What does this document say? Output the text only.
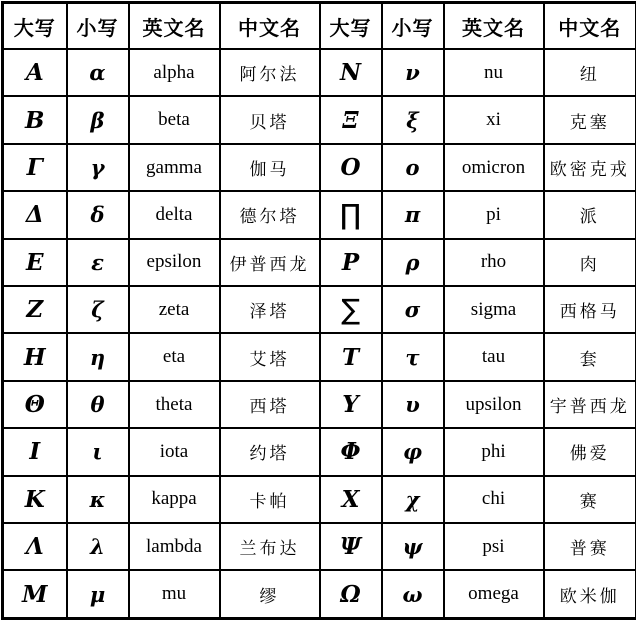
大写	小写	英文名	中文名	大写	小写	英文名	中文名
Α	α	alpha	阿尔法	Ν	ν	nu	纽
Β	β	beta	贝塔	Ξ	ξ	xi	克塞
Γ	γ	gamma	伽马	Ο	ο	omicron	欧密克戎
Δ	δ	delta	德尔塔	∏	π	pi	派
Ε	ε	epsilon	伊普西龙	Ρ	ρ	rho	肉
Ζ	ζ	zeta	泽塔	∑	σ	sigma	西格马
Η	η	eta	艾塔	Τ	τ	tau	套
Θ	θ	theta	西塔	Υ	υ	upsilon	宇普西龙
Ι	ι	iota	约塔	Φ	φ	phi	佛爱
Κ	κ	kappa	卡帕	Χ	χ	chi	赛
Λ	λ	lambda	兰布达	Ψ	ψ	psi	普赛
Μ	μ	mu	缪	Ω	ω	omega	欧米伽
